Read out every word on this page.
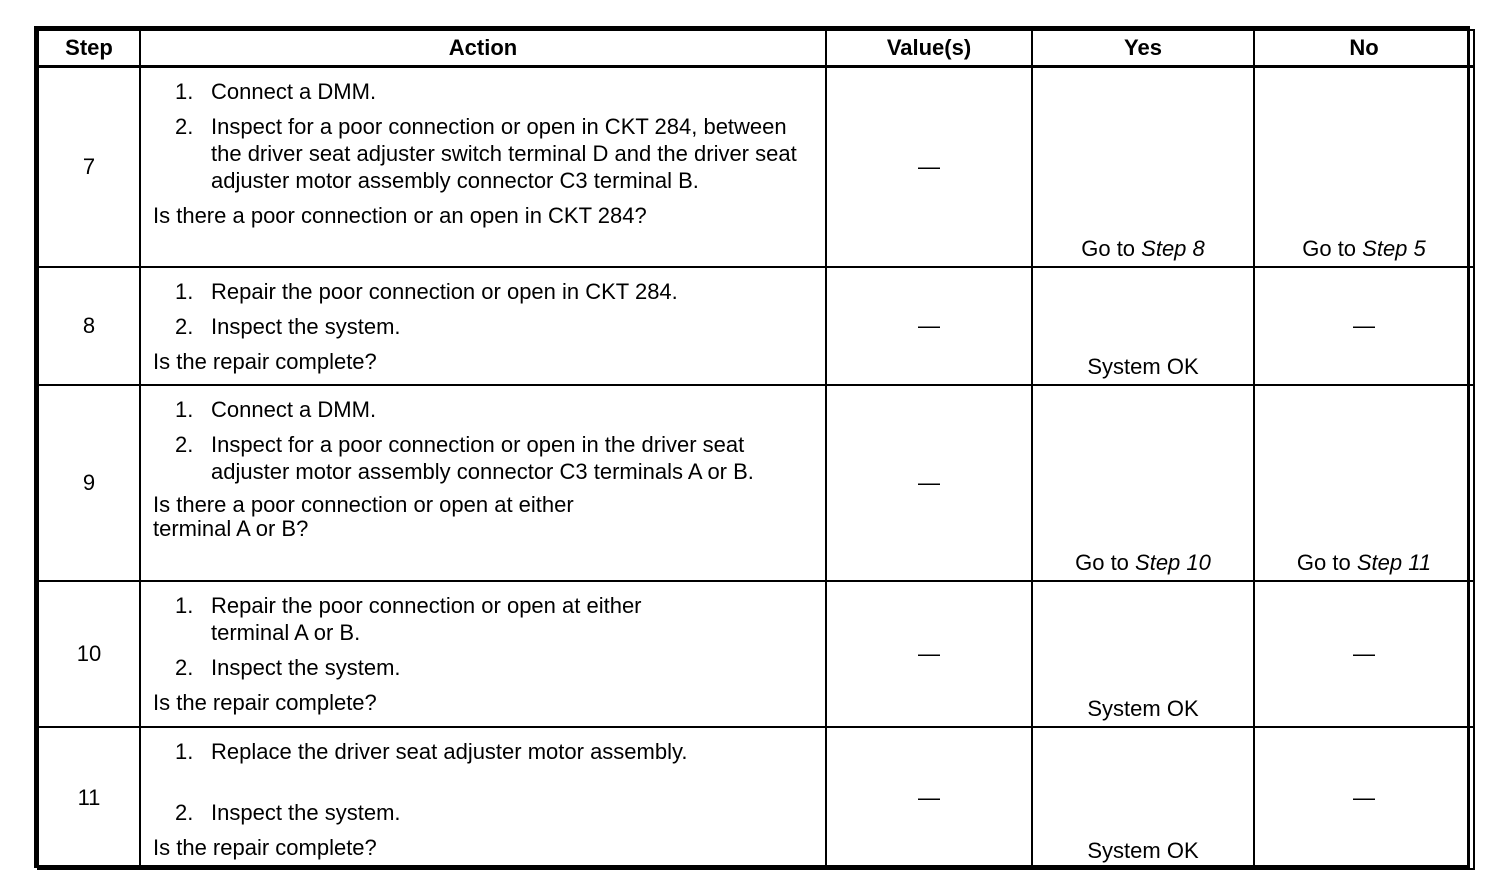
Step	Action	Value(s)	Yes	No
7	1. Connect a DMM.
2. Inspect for a poor connection or open in CKT 284, between the driver seat adjuster switch terminal D and the driver seat adjuster motor assembly connector C3 terminal B.
Is there a poor connection or an open in CKT 284?	—	Go to Step 8	Go to Step 5
8	1. Repair the poor connection or open in CKT 284.
2. Inspect the system.
Is the repair complete?	—	System OK	—
9	1. Connect a DMM.
2. Inspect for a poor connection or open in the driver seat adjuster motor assembly connector C3 terminals A or B.
Is there a poor connection or open at either terminal A or B?	—	Go to Step 10	Go to Step 11
10	1. Repair the poor connection or open at either terminal A or B.
2. Inspect the system.
Is the repair complete?	—	System OK	—
11	1. Replace the driver seat adjuster motor assembly.
2. Inspect the system.
Is the repair complete?	—	System OK	—
